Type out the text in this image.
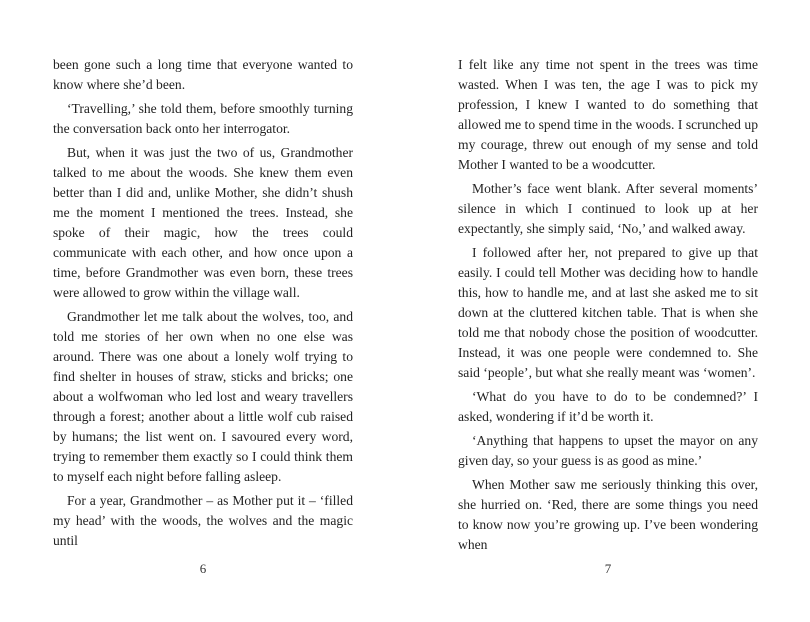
been gone such a long time that everyone wanted to know where she’d been.

‘Travelling,’ she told them, before smoothly turning the conversation back onto her interrogator.

But, when it was just the two of us, Grandmother talked to me about the woods. She knew them even better than I did and, unlike Mother, she didn’t shush me the moment I mentioned the trees. Instead, she spoke of their magic, how the trees could communicate with each other, and how once upon a time, before Grandmother was even born, these trees were allowed to grow within the village wall.

Grandmother let me talk about the wolves, too, and told me stories of her own when no one else was around. There was one about a lonely wolf trying to find shelter in houses of straw, sticks and bricks; one about a wolfwoman who led lost and weary travellers through a forest; another about a little wolf cub raised by humans; the list went on. I savoured every word, trying to remember them exactly so I could think them to myself each night before falling asleep.

For a year, Grandmother – as Mother put it – ‘filled my head’ with the woods, the wolves and the magic until

I felt like any time not spent in the trees was time wasted. When I was ten, the age I was to pick my profession, I knew I wanted to do something that allowed me to spend time in the woods. I scrunched up my courage, threw out enough of my sense and told Mother I wanted to be a woodcutter.

Mother’s face went blank. After several moments’ silence in which I continued to look up at her expectantly, she simply said, ‘No,’ and walked away.

I followed after her, not prepared to give up that easily. I could tell Mother was deciding how to handle this, how to handle me, and at last she asked me to sit down at the cluttered kitchen table. That is when she told me that nobody chose the position of woodcutter. Instead, it was one people were condemned to. She said ‘people’, but what she really meant was ‘women’.

‘What do you have to do to be condemned?’ I asked, wondering if it’d be worth it.

‘Anything that happens to upset the mayor on any given day, so your guess is as good as mine.’

When Mother saw me seriously thinking this over, she hurried on. ‘Red, there are some things you need to know now you’re growing up. I’ve been wondering when

6	7
